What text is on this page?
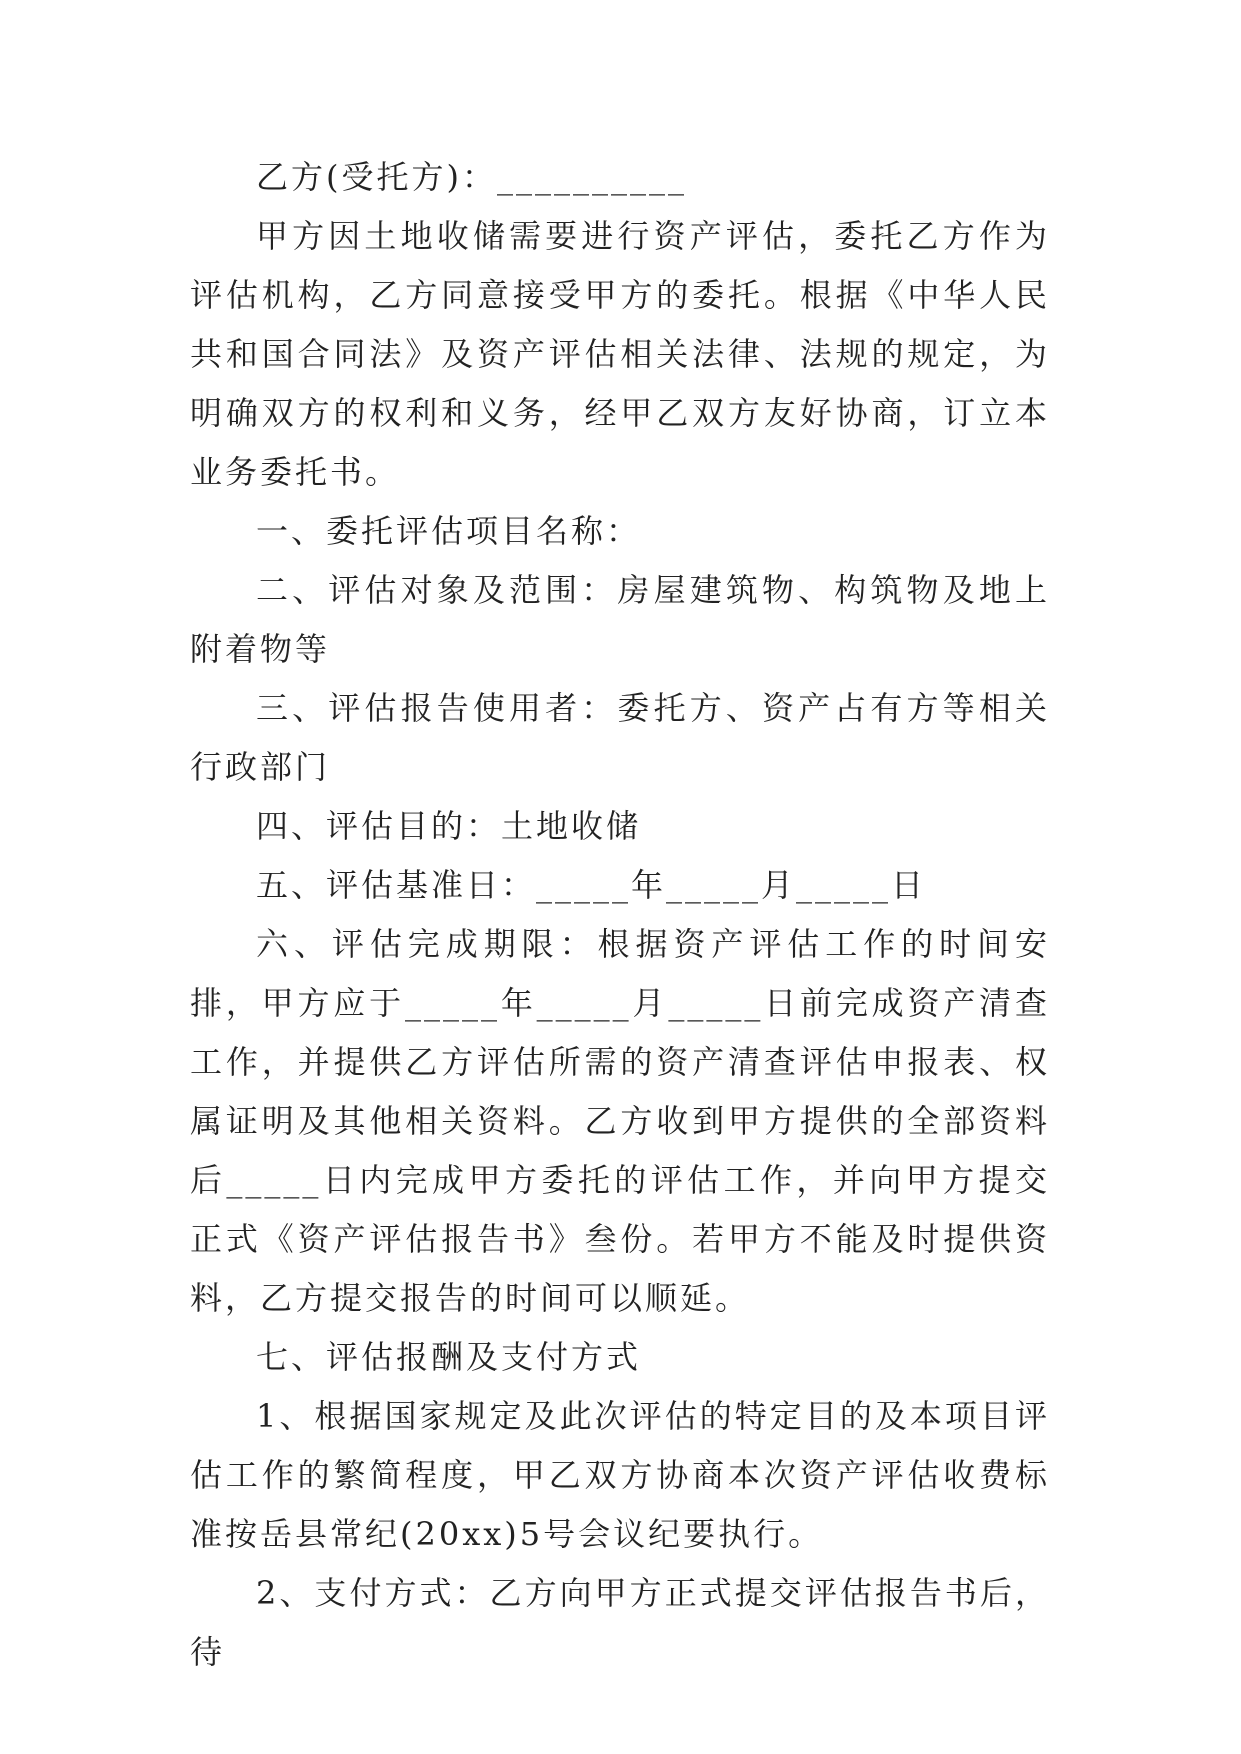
乙方(受托方)：__________

甲方因土地收储需要进行资产评估，委托乙方作为评估机构，乙方同意接受甲方的委托。根据《中华人民共和国合同法》及资产评估相关法律、法规的规定，为明确双方的权利和义务，经甲乙双方友好协商，订立本业务委托书。

一、委托评估项目名称：

二、评估对象及范围：房屋建筑物、构筑物及地上附着物等

三、评估报告使用者：委托方、资产占有方等相关行政部门

四、评估目的：土地收储

五、评估基准日：_____年_____月_____日

六、评估完成期限：根据资产评估工作的时间安排，甲方应于_____年_____月_____日前完成资产清查工作，并提供乙方评估所需的资产清查评估申报表、权属证明及其他相关资料。乙方收到甲方提供的全部资料后_____日内完成甲方委托的评估工作，并向甲方提交正式《资产评估报告书》叁份。若甲方不能及时提供资料，乙方提交报告的时间可以顺延。

七、评估报酬及支付方式

1、根据国家规定及此次评估的特定目的及本项目评估工作的繁简程度，甲乙双方协商本次资产评估收费标准按岳县常纪(20xx)5号会议纪要执行。

2、支付方式：乙方向甲方正式提交评估报告书后，待
